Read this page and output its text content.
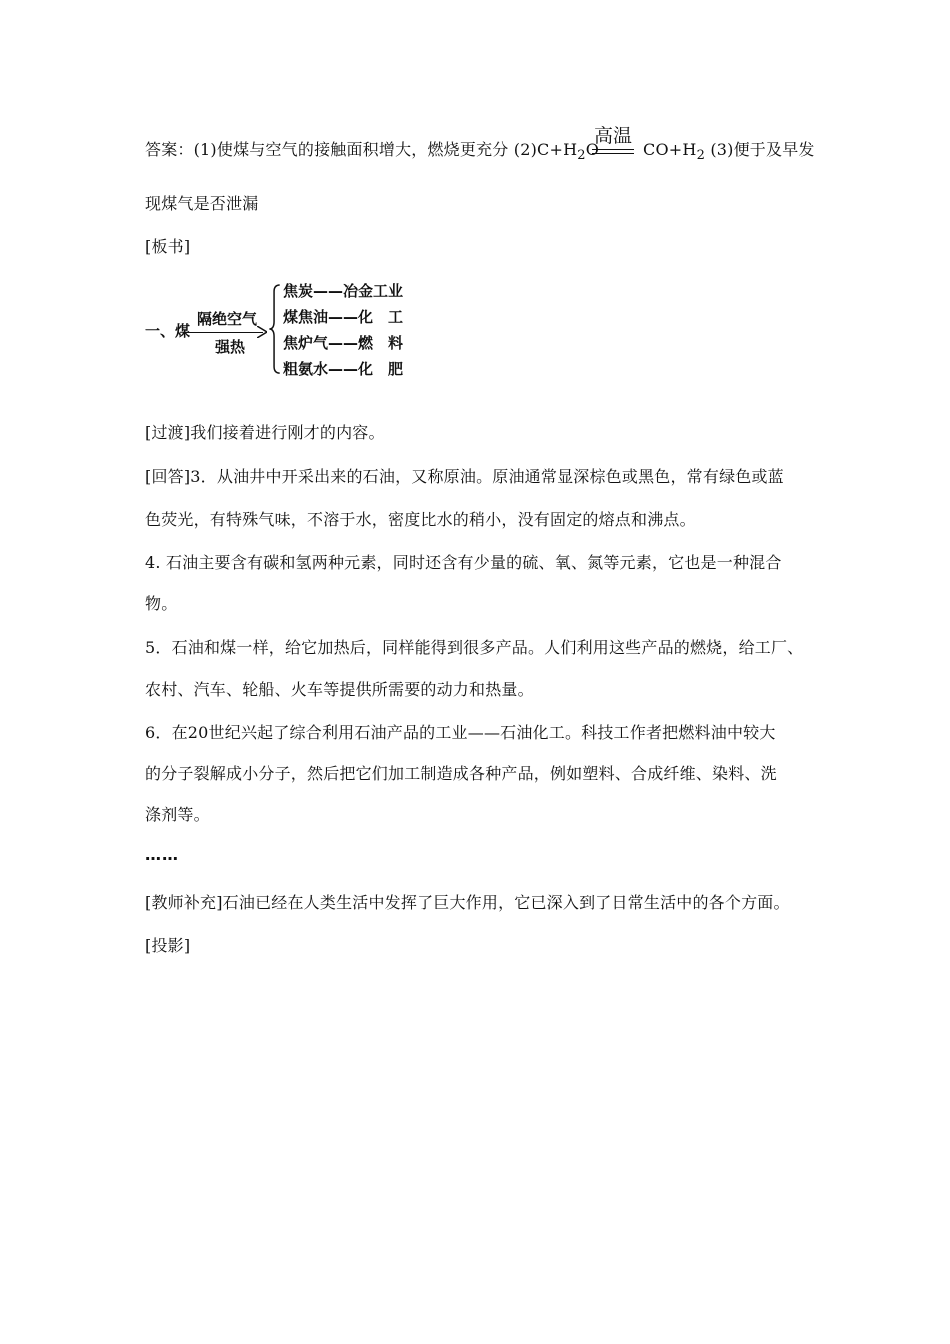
答案：(1)使煤与空气的接触面积增大，燃烧更充分 $(2)C+H_2O$	$CO+H_2$ (3)便于及早发
高温
现煤气是否泄漏
[板书]
一、煤
隔绝空气
强热
焦炭——冶金工业
煤焦油——化　工
焦炉气——燃　料
粗氨水——化　肥
[过渡]我们接着进行刚才的内容。
[回答]3．从油井中开采出来的石油，又称原油。原油通常显深棕色或黑色，常有绿色或蓝
色荧光，有特殊气味，不溶于水，密度比水的稍小，没有固定的熔点和沸点。
4. 石油主要含有碳和氢两种元素，同时还含有少量的硫、氧、氮等元素，它也是一种混合
物。
5．石油和煤一样，给它加热后，同样能得到很多产品。人们利用这些产品的燃烧，给工厂、
农村、汽车、轮船、火车等提供所需要的动力和热量。
6．在20世纪兴起了综合利用石油产品的工业——石油化工。科技工作者把燃料油中较大
的分子裂解成小分子，然后把它们加工制造成各种产品，例如塑料、合成纤维、染料、洗
涤剂等。
……
[教师补充]石油已经在人类生活中发挥了巨大作用，它已深入到了日常生活中的各个方面。
[投影]
